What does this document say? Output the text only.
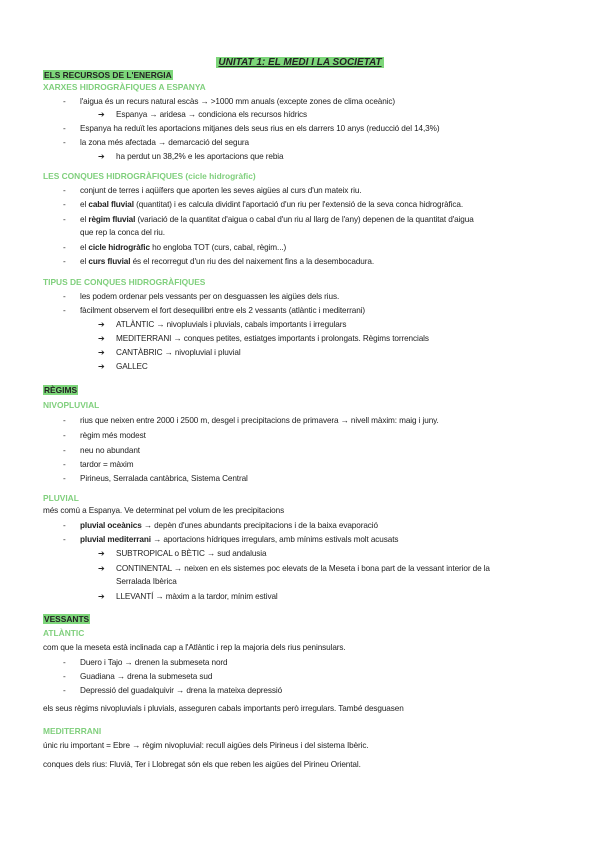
UNITAT 1: EL MEDI I LA SOCIETAT
ELS RECURSOS DE L'ENERGIA
XARXES HIDROGRÀFIQUES A ESPANYA
- l'aigua és un recurs natural escàs → >1000 mm anuals (excepte zones de clima oceànic)
➔ Espanya → aridesa → condiciona els recursos hídrics
- Espanya ha reduït les aportacions mitjanes dels seus rius en els darrers 10 anys (reducció del 14,3%)
- la zona més afectada → demarcació del segura
➔ ha perdut un 38,2% e les aportacions que rebia
LES CONQUES HIDROGRÀFIQUES (cicle hidrogràfic)
- conjunt de terres i aqüífers que aporten les seves aigües al curs d'un mateix riu.
- el cabal fluvial (quantitat) i es calcula dividint l'aportació d'un riu per l'extensió de la seva conca hidrogràfica.
- el règim fluvial (variació de la quantitat d'aigua o cabal d'un riu al llarg de l'any) depenen de la quantitat d'aigua
que rep la conca del riu.
- el cicle hidrogràfic ho engloba TOT (curs, cabal, règim...)
- el curs fluvial és el recorregut d'un riu des del naixement fins a la desembocadura.
TIPUS DE CONQUES HIDROGRÀFIQUES
- les podem ordenar pels vessants per on desguassen les aigües dels rius.
- fàcilment observem el fort desequilibri entre els 2 vessants (atlàntic i mediterrani)
➔ ATLÀNTIC → nivopluvials i pluvials, cabals importants i irregulars
➔ MEDITERRANI → conques petites, estiatges importants i prolongats. Règims torrencials
➔ CANTÀBRIC → nivopluvial i pluvial
➔ GALLEC
RÈGIMS
NIVOPLUVIAL
- rius que neixen entre 2000 i 2500 m, desgel i precipitacions de primavera → nivell màxim: maig i juny.
- règim més modest
- neu no abundant
- tardor = màxim
- Pirineus, Serralada cantàbrica, Sistema Central
PLUVIAL
més comú a Espanya. Ve determinat pel volum de les precipitacions
- pluvial oceànics → depèn d'unes abundants precipitacions i de la baixa evaporació
- pluvial mediterrani → aportacions hídriques irregulars, amb mínims estivals molt acusats
➔ SUBTROPICAL o BÈTIC → sud andalusia
➔ CONTINENTAL → neixen en els sistemes poc elevats de la Meseta i bona part de la vessant interior de la
Serralada Ibèrica
➔ LLEVANTÍ → màxim a la tardor, mínim estival
VESSANTS
ATLÀNTIC
com que la meseta està inclinada cap a l'Atlàntic i rep la majoria dels rius peninsulars.
- Duero i Tajo → drenen la submeseta nord
- Guadiana → drena la submeseta sud
- Depressió del guadalquivir → drena la mateixa depressió
els seus règims nivopluvials i pluvials, asseguren cabals importants però irregulars. També desguasen
MEDITERRANI
únic riu important = Ebre → règim nivopluvial: recull aigües dels Pirineus i del sistema Ibèric.
conques dels rius: Fluvià, Ter i Llobregat són els que reben les aigües del Pirineu Oriental.
